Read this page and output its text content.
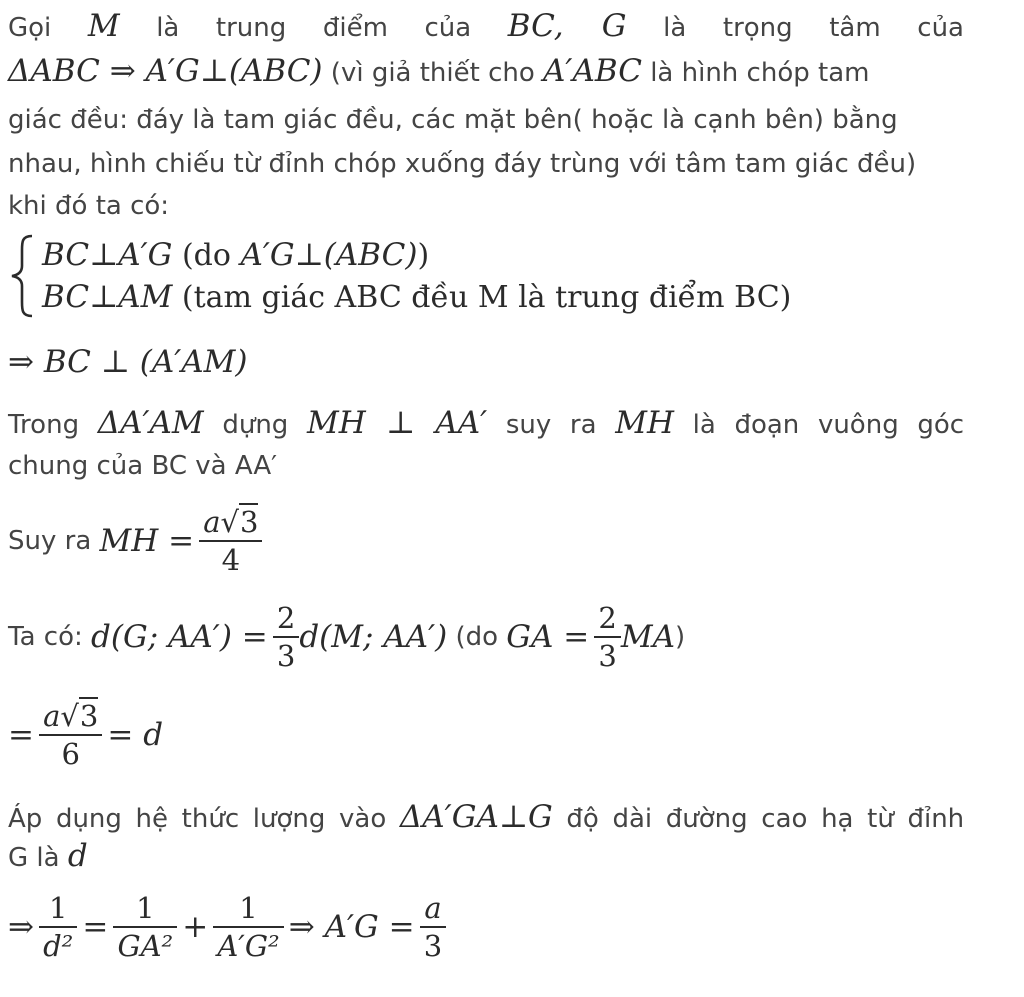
Gọi M là trung điểm của BC, G là trọng tâm của
ΔABC ⇒ A′G⊥(ABC) (vì giả thiết cho A′ABC là hình chóp tam
giác đều: đáy là tam giác đều, các mặt bên( hoặc là cạnh bên) bằng
nhau, hình chiếu từ đỉnh chóp xuống đáy trùng với tâm tam giác đều)
khi đó ta có:
BC⊥A′G (do A′G⊥(ABC))
BC⊥AM (tam giác ABC đều M là trung điểm BC)
⇒ BC ⊥ (A′AM)
Trong ΔA′AM dựng MH ⊥ AA′ suy ra MH là đoạn vuông góc
chung của BC và AA′
Suy ra MH = $\frac{a√3}{4}$
Ta có: d(G; $AA') = \frac{2}{3} d(M$; AA′) (do GA = $\frac{2}{3} MA$)
= $\frac{a√3}{6} = d$
Áp dụng hệ thức lượng vào ΔA′GA⊥G độ dài đường cao hạ từ đỉnh
G là d
⇒ $\frac{1}{\text{d²}} = \frac{1}{\text{GA²}} + \frac{1}{\text{A′G²}}$ ⇒ $A'G = \frac{a}{3}$
